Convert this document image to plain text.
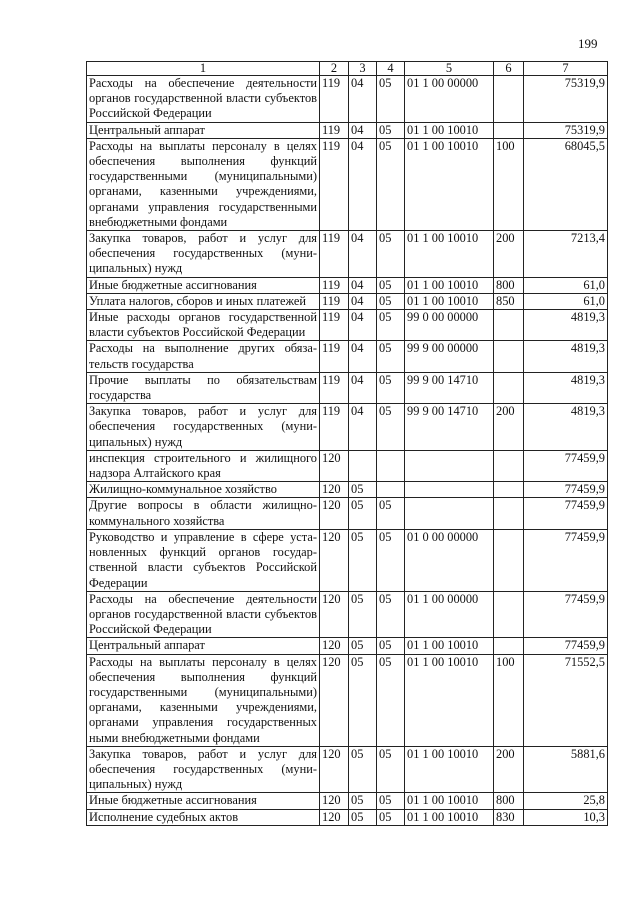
199
1	2	3	4	5	6	7
Расходы на обеспечение деятельности органов государственной власти субъектов Российской Федерации	119	04	05	01 1 00 00000		75319,9
Центральный аппарат	119	04	05	01 1 00 10010		75319,9
Расходы на выплаты персоналу в целях обеспечения выполнения функций государственными (муниципальными) органами, казенными учреждениями, органами управления государственными внебюджетными фондами	119	04	05	01 1 00 10010	100	68045,5
Закупка товаров, работ и услуг для обеспечения государственных (муниципальных) нужд	119	04	05	01 1 00 10010	200	7213,4
Иные бюджетные ассигнования	119	04	05	01 1 00 10010	800	61,0
Уплата налогов, сборов и иных платежей	119	04	05	01 1 00 10010	850	61,0
Иные расходы органов государственной власти субъектов Российской Федерации	119	04	05	99 0 00 00000		4819,3
Расходы на выполнение других обязательств государства	119	04	05	99 9 00 00000		4819,3
Прочие выплаты по обязательствам государства	119	04	05	99 9 00 14710		4819,3
Закупка товаров, работ и услуг для обеспечения государственных (муниципальных) нужд	119	04	05	99 9 00 14710	200	4819,3
инспекция строительного и жилищного надзора Алтайского края	120					77459,9
Жилищно-коммунальное хозяйство	120	05				77459,9
Другие вопросы в области жилищно-коммунального хозяйства	120	05	05			77459,9
Руководство и управление в сфере установленных функций органов государственной власти субъектов Российской Федерации	120	05	05	01 0 00 00000		77459,9
Расходы на обеспечение деятельности органов государственной власти субъектов Российской Федерации	120	05	05	01 1 00 00000		77459,9
Центральный аппарат	120	05	05	01 1 00 10010		77459,9
Расходы на выплаты персоналу в целях обеспечения выполнения функций государственными (муниципальными) органами, казенными учреждениями, органами управления государственных ными внебюджетными фондами	120	05	05	01 1 00 10010	100	71552,5
Закупка товаров, работ и услуг для обеспечения государственных (муниципальных) нужд	120	05	05	01 1 00 10010	200	5881,6
Иные бюджетные ассигнования	120	05	05	01 1 00 10010	800	25,8
Исполнение судебных актов	120	05	05	01 1 00 10010	830	10,3
